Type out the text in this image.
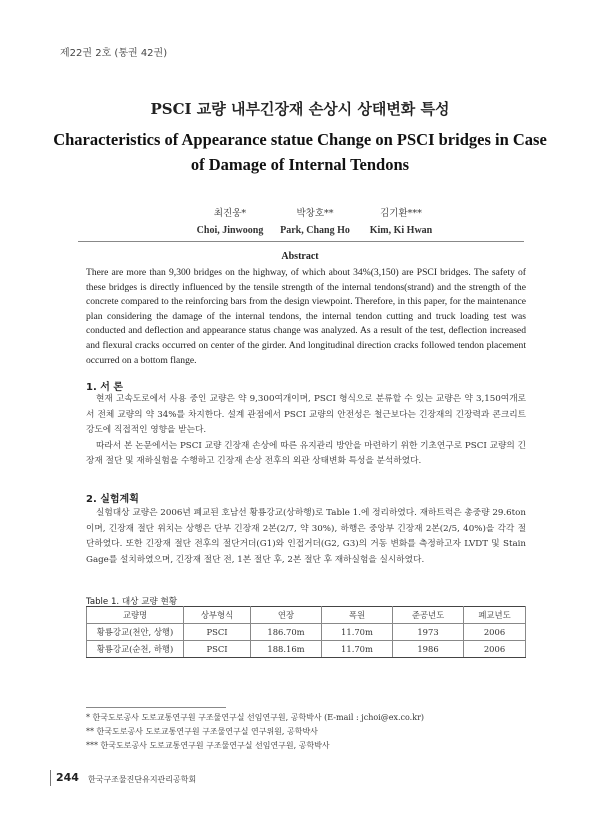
제22권 2호 (통권 42권)
PSCI 교량 내부긴장재 손상시 상태변화 특성
Characteristics of Appearance statue Change on PSCI bridges in Case
of Damage of Internal Tendons
최진웅*
Choi, Jinwoong
박창호**
Park, Chang Ho
김기환***
Kim, Ki Hwan
Abstract
There are more than 9,300 bridges on the highway, of which about 34%(3,150) are PSCI bridges. The safety of these bridges is directly influenced by the tensile strength of the internal tendons(strand) and the strength of the concrete compared to the reinforcing bars from the design viewpoint. Therefore, in this paper, for the maintenance plan considering the damage of the internal tendons, the internal tendon cutting and truck loading test was conducted and deflection and appearance status change was analyzed. As a result of the test, deflection increased and flexural cracks occurred on center of the girder. And longitudinal direction cracks followed tendon placement occurred on a bottom flange.
1. 서 론

현재 고속도로에서 사용 중인 교량은 약 9,300여개이며, PSCI 형식으로 분류할 수 있는 교량은 약 3,150여개로서 전체 교량의 약 34%를 차지한다. 설계 관점에서 PSCI 교량의 안전성은 철근보다는 긴장재의 긴장력과 콘크리트 강도에 직접적인 영향을 받는다.

따라서 본 논문에서는 PSCI 교량 긴장재 손상에 따른 유지관리 방안을 마련하기 위한 기초연구로 PSCI 교량의 긴장재 절단 및 재하실험을 수행하고 긴장재 손상 전후의 외관 상태변화 특성을 분석하였다.

2. 실험계획

실험대상 교량은 2006년 폐교된 호남선 황룡강교(상하행)로 Table 1.에 정리하였다. 재하트럭은 총중량 29.6ton이며, 긴장재 절단 위치는 상행은 단부 긴장재 2본(2/7, 약 30%), 하행은 중앙부 긴장재 2본(2/5, 40%)을 각각 절단하였다. 또한 긴장재 절단 전후의 절단거더(G1)와 인접거더(G2, G3)의 거동 변화를 측정하고자 LVDT 및 Stain Gage를 설치하였으며, 긴장재 절단 전, 1본 절단 후, 2본 절단 후 재하실험을 실시하였다.

Table 1. 대상 교량 현황
교량명	상부형식	연장	폭원	준공년도	폐교년도
황룡강교(천안, 상행)	PSCI	186.70m	11.70m	1973	2006
황룡강교(순천, 하행)	PSCI	188.16m	11.70m	1986	2006
* 한국도로공사 도로교통연구원 구조물연구실 선임연구원, 공학박사 (E-mail : jchoi@ex.co.kr)
** 한국도로공사 도로교통연구원 구조물연구실 연구위원, 공학박사
*** 한국도로공사 도로교통연구원 구조물연구실 선임연구원, 공학박사
244 한국구조물진단유지관리공학회
